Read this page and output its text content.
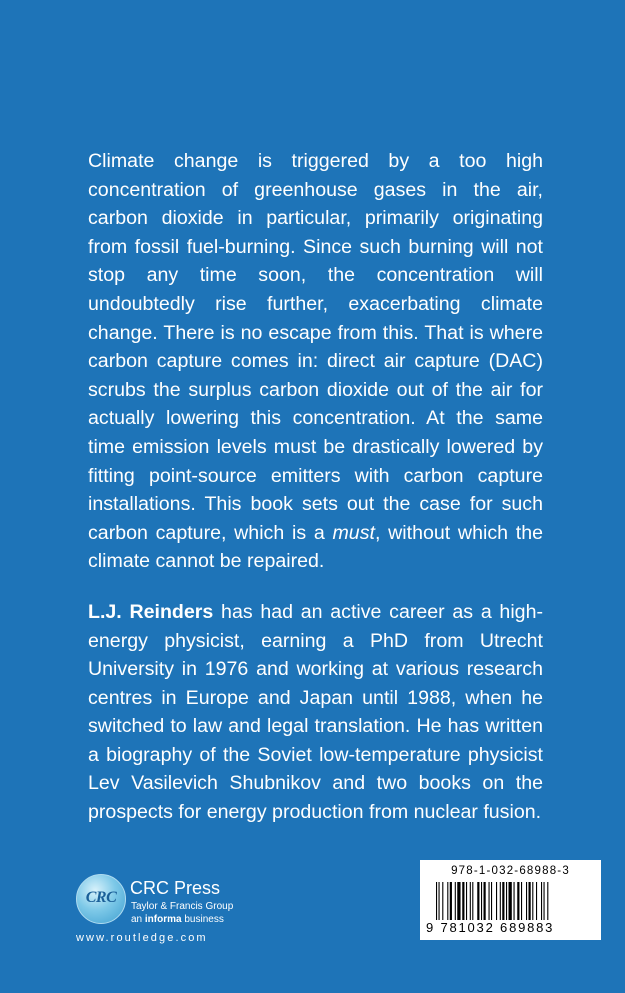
Climate change is triggered by a too high concentration of greenhouse gases in the air, carbon dioxide in particular, primarily originating from fossil fuel-burning. Since such burning will not stop any time soon, the concentration will undoubtedly rise further, exacerbating climate change. There is no escape from this. That is where carbon capture comes in: direct air capture (DAC) scrubs the surplus carbon dioxide out of the air for actually lowering this concentration. At the same time emission levels must be drastically lowered by fitting point-source emitters with carbon capture installations. This book sets out the case for such carbon capture, which is a must, without which the climate cannot be repaired.

L.J. Reinders has had an active career as a high-energy physicist, earning a PhD from Utrecht University in 1976 and working at various research centres in Europe and Japan until 1988, when he switched to law and legal translation. He has written a biography of the Soviet low-temperature physicist Lev Vasilevich Shubnikov and two books on the prospects for energy production from nuclear fusion.

CRC CRC Press
Taylor & Francis Group
an informa business
www.routledge.com
978-1-032-68988-3
9 781032 689883
